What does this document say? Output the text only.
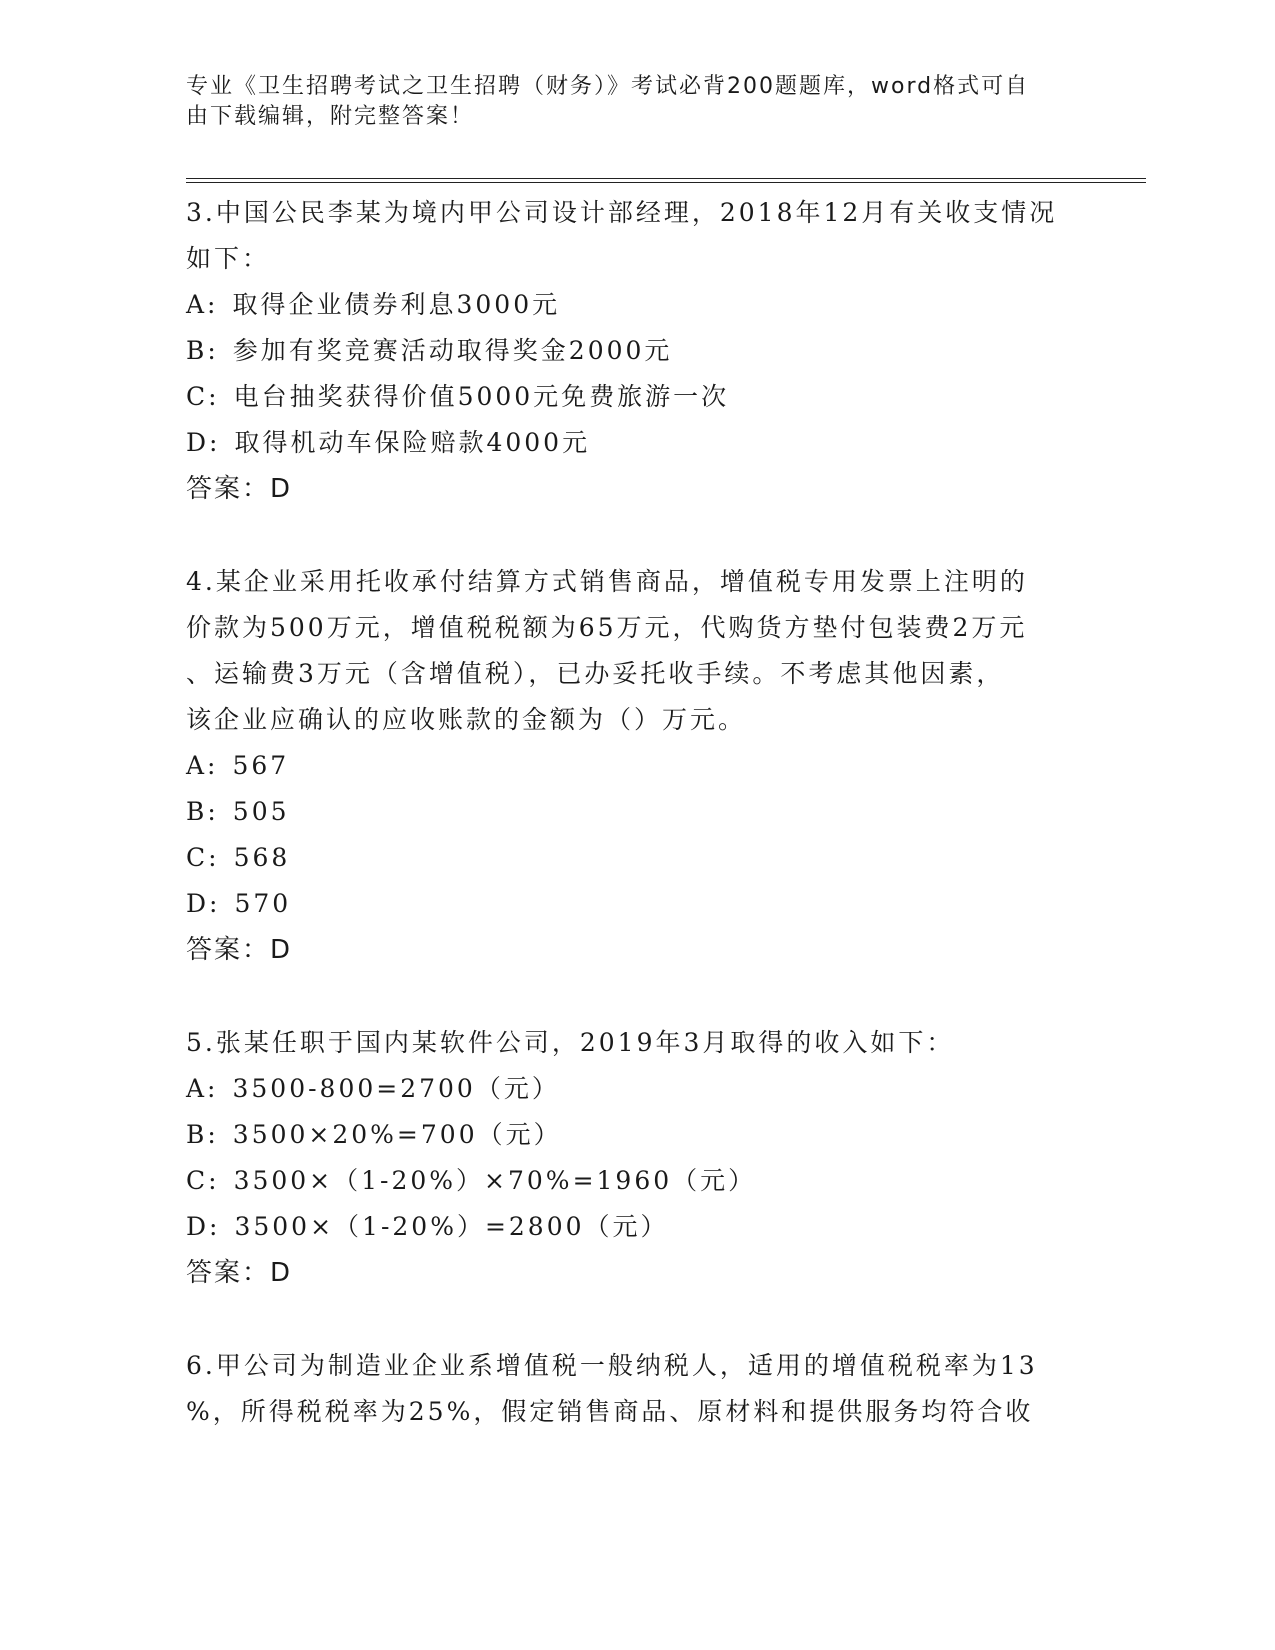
专业《卫生招聘考试之卫生招聘（财务）》考试必背200题题库，word格式可自

由下载编辑，附完整答案！

3.中国公民李某为境内甲公司设计部经理，2018年12月有关收支情况

如下：

A: 取得企业债券利息3000元
B: 参加有奖竞赛活动取得奖金2000元
C: 电台抽奖获得价值5000元免费旅游一次
D: 取得机动车保险赔款4000元

答案：D

4.某企业采用托收承付结算方式销售商品，增值税专用发票上注明的

价款为500万元，增值税税额为65万元，代购货方垫付包装费2万元

、运输费3万元（含增值税），已办妥托收手续。不考虑其他因素，

该企业应确认的应收账款的金额为（）万元。

A: 567
B: 505
C: 568
D: 570

答案：D

5.张某任职于国内某软件公司，2019年3月取得的收入如下：

A: 3500-800=2700（元）
B: 3500×20%=700（元）
C: 3500×（1-20%）×70%=1960（元）
D: 3500×（1-20%）=2800（元）

答案：D

6.甲公司为制造业企业系增值税一般纳税人，适用的增值税税率为13

%，所得税税率为25%，假定销售商品、原材料和提供服务均符合收
